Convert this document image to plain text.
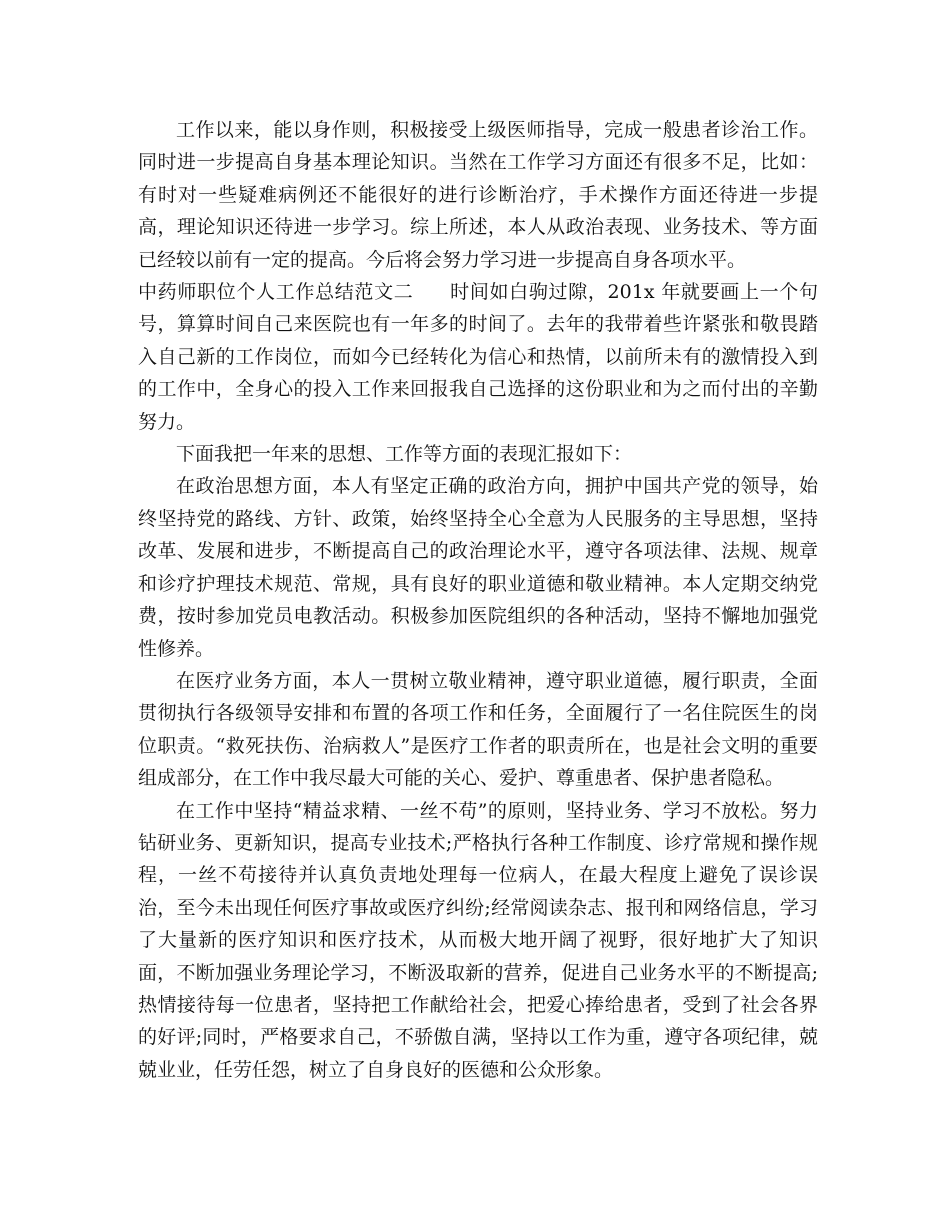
工作以来，能以身作则，积极接受上级医师指导，完成一般患者诊治工作。同时进一步提高自身基本理论知识。当然在工作学习方面还有很多不足，比如：有时对一些疑难病例还不能很好的进行诊断治疗，手术操作方面还待进一步提高，理论知识还待进一步学习。综上所述，本人从政治表现、业务技术、等方面已经较以前有一定的提高。今后将会努力学习进一步提高自身各项水平。

中药师职位个人工作总结范文二 时间如白驹过隙，201x 年就要画上一个句号，算算时间自己来医院也有一年多的时间了。去年的我带着些许紧张和敬畏踏入自己新的工作岗位，而如今已经转化为信心和热情，以前所未有的激情投入到的工作中，全身心的投入工作来回报我自己选择的这份职业和为之而付出的辛勤努力。

下面我把一年来的思想、工作等方面的表现汇报如下：

在政治思想方面，本人有坚定正确的政治方向，拥护中国共产党的领导，始终坚持党的路线、方针、政策，始终坚持全心全意为人民服务的主导思想，坚持改革、发展和进步，不断提高自己的政治理论水平，遵守各项法律、法规、规章和诊疗护理技术规范、常规，具有良好的职业道德和敬业精神。本人定期交纳党费，按时参加党员电教活动。积极参加医院组织的各种活动，坚持不懈地加强党性修养。

在医疗业务方面，本人一贯树立敬业精神，遵守职业道德，履行职责，全面贯彻执行各级领导安排和布置的各项工作和任务，全面履行了一名住院医生的岗位职责。“救死扶伤、治病救人”是医疗工作者的职责所在，也是社会文明的重要组成部分，在工作中我尽最大可能的关心、爱护、尊重患者、保护患者隐私。

在工作中坚持“精益求精、一丝不苟”的原则，坚持业务、学习不放松。努力钻研业务、更新知识，提高专业技术;严格执行各种工作制度、诊疗常规和操作规程，一丝不苟接待并认真负责地处理每一位病人，在最大程度上避免了误诊误治，至今未出现任何医疗事故或医疗纠纷;经常阅读杂志、报刊和网络信息，学习了大量新的医疗知识和医疗技术，从而极大地开阔了视野，很好地扩大了知识面，不断加强业务理论学习，不断汲取新的营养，促进自己业务水平的不断提高;热情接待每一位患者，坚持把工作献给社会，把爱心捧给患者，受到了社会各界的好评;同时，严格要求自己，不骄傲自满，坚持以工作为重，遵守各项纪律，兢兢业业，任劳任怨，树立了自身良好的医德和公众形象。
